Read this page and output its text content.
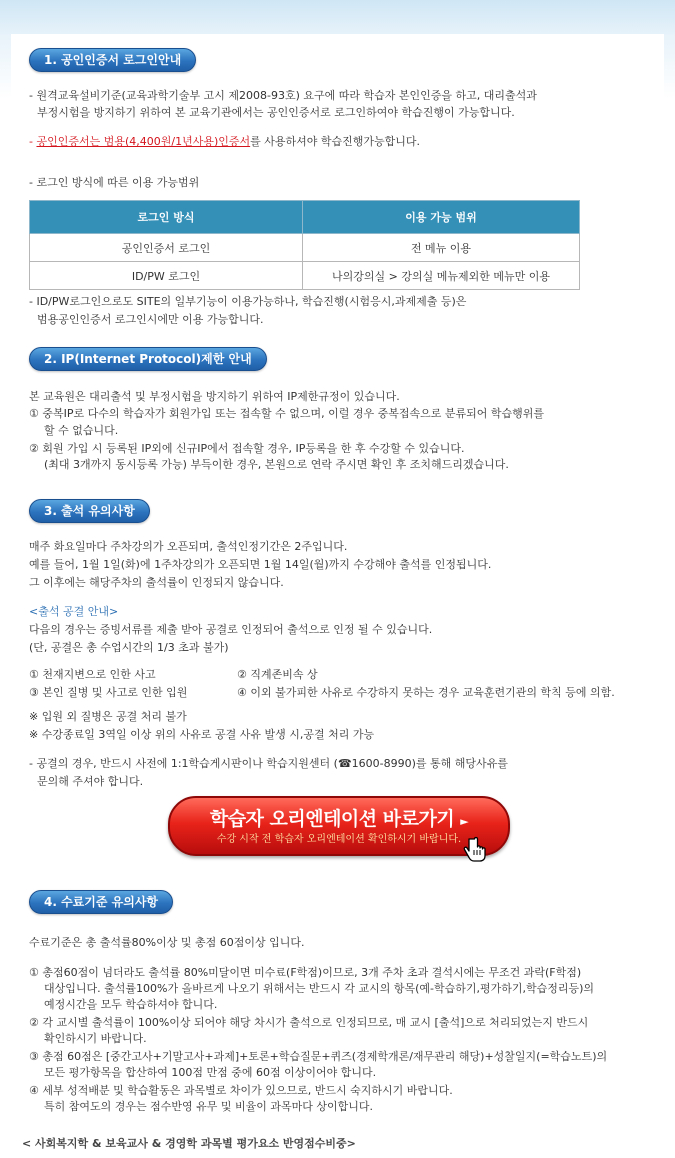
1. 공인인증서 로그인안내
- 원격교육설비기준(교육과학기술부 고시 제2008-93호) 요구에 따라 학습자 본인인증을 하고, 대리출석과
부정시험을 방지하기 위하여 본 교육기관에서는 공인인증서로 로그인하여야 학습진행이 가능합니다.
- 공인인증서는 범용(4,400원/1년사용)인증서를 사용하셔야 학습진행가능합니다.
- 로그인 방식에 따른 이용 가능범위
로그인 방식	이용 가능 범위
공인인증서 로그인	전 메뉴 이용
ID/PW 로그인	나의강의실 > 강의실 메뉴제외한 메뉴만 이용
- ID/PW로그인으로도 SITE의 일부기능이 이용가능하나, 학습진행(시험응시,과제제출 등)은
범용공인인증서 로그인시에만 이용 가능합니다.
2. IP(Internet Protocol)제한 안내
본 교육원은 대리출석 및 부정시험을 방지하기 위하여 IP제한규정이 있습니다.
① 중복IP로 다수의 학습자가 회원가입 또는 접속할 수 없으며, 이럴 경우 중복접속으로 분류되어 학습행위를
할 수 없습니다.
② 회원 가입 시 등록된 IP외에 신규IP에서 접속할 경우, IP등록을 한 후 수강할 수 있습니다.
(최대 3개까지 동시등록 가능) 부득이한 경우, 본원으로 연락 주시면 확인 후 조치해드리겠습니다.
3. 출석 유의사항
매주 화요일마다 주차강의가 오픈되며, 출석인정기간은 2주입니다.
예를 들어, 1월 1일(화)에 1주차강의가 오픈되면 1월 14일(월)까지 수강해야 출석를 인정됩니다.
그 이후에는 해당주차의 출석률이 인정되지 않습니다.
<출석 공결 안내>
다음의 경우는 증빙서류를 제출 받아 공결로 인정되어 출석으로 인정 될 수 있습니다.
(단, 공결은 총 수업시간의 1/3 초과 불가)
① 천재지변으로 인한 사고	② 직계존비속 상
③ 본인 질병 및 사고로 인한 입원	④ 이외 불가피한 사유로 수강하지 못하는 경우 교육훈련기관의 학칙 등에 의함.
※ 입원 외 질병은 공결 처리 불가
※ 수강종료일 3역일 이상 위의 사유로 공결 사유 발생 시,공결 처리 가능
- 공결의 경우, 반드시 사전에 1:1학습게시판이나 학습지원센터 (☎1600-8990)를 통해 해당사유를
문의해 주셔야 합니다.
학습자 오리엔테이션 바로가기 ►
수강 시작 전 학습자 오리엔테이션 확인하시기 바랍니다.
4. 수료기준 유의사항
수료기준은 총 출석률80%이상 및 총점 60점이상 입니다.
① 총점60점이 넘더라도 출석률 80%미달이면 미수료(F학점)이므로, 3개 주차 초과 결석시에는 무조건 과락(F학점)
대상입니다. 출석률100%가 올바르게 나오기 위해서는 반드시 각 교시의 항목(예-학습하기,평가하기,학습정리등)의
예정시간을 모두 학습하셔야 합니다.
② 각 교시별 출석률이 100%이상 되어야 해당 차시가 출석으로 인정되므로, 매 교시 [출석]으로 처리되었는지 반드시
확인하시기 바랍니다.
③ 총점 60점은 [중간고사+기말고사+과제]+토론+학습질문+퀴즈(경제학개론/재무관리 해당)+성찰일지(=학습노트)의
모든 평가항목을 합산하여 100점 만점 중에 60점 이상이어야 합니다.
④ 세부 성적배분 및 학습활동은 과목별로 차이가 있으므로, 반드시 숙지하시기 바랍니다.
특히 참여도의 경우는 점수반영 유무 및 비율이 과목마다 상이합니다.
< 사회복지학 & 보육교사 & 경영학 과목별 평가요소 반영점수비중>
